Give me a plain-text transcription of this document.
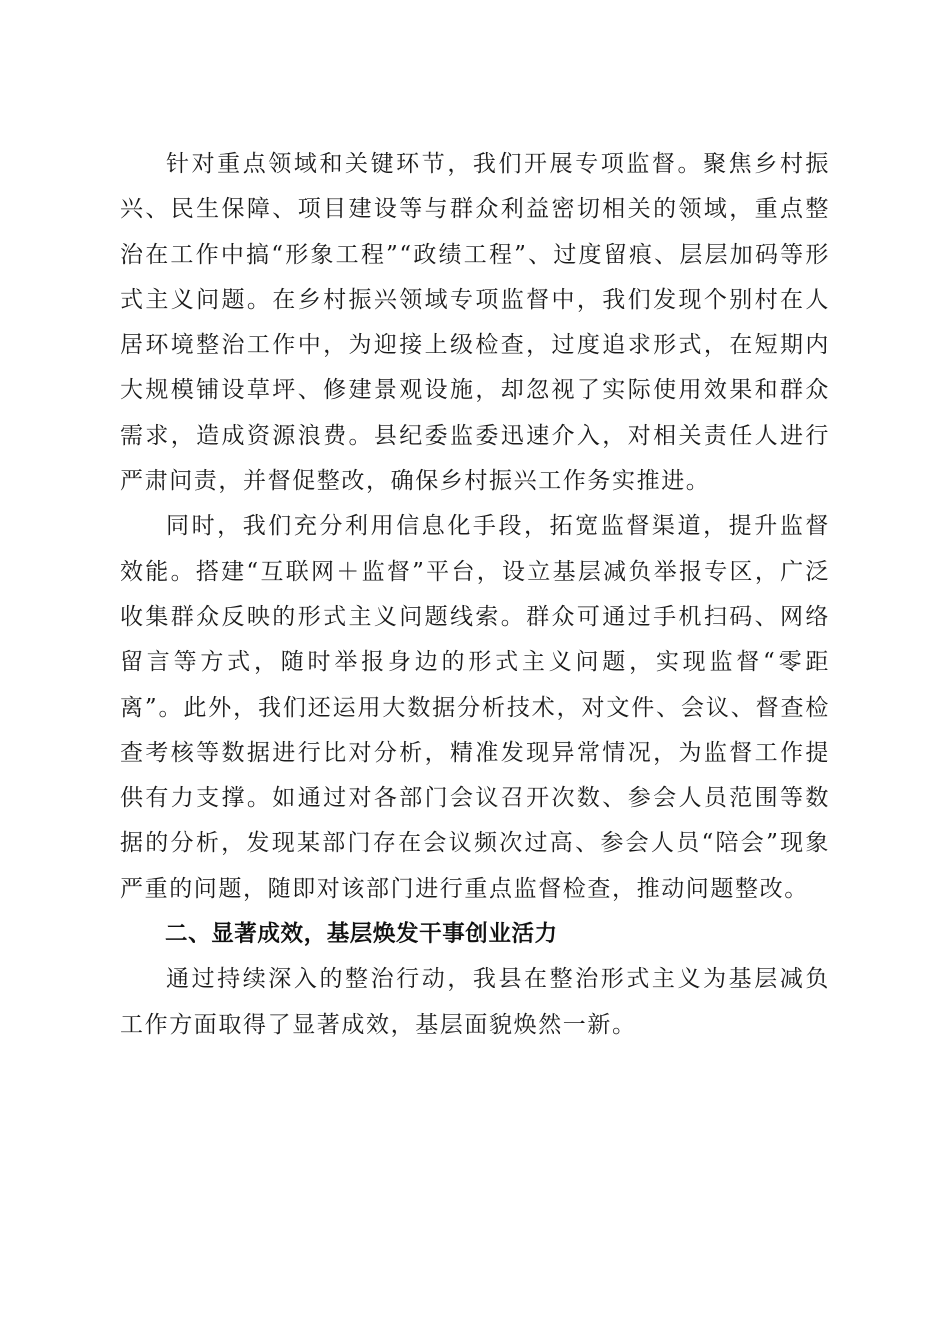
针对重点领域和关键环节，我们开展专项监督。聚焦乡村振兴、民生保障、项目建设等与群众利益密切相关的领域，重点整治在工作中搞“形象工程”“政绩工程”、过度留痕、层层加码等形式主义问题。在乡村振兴领域专项监督中，我们发现个别村在人居环境整治工作中，为迎接上级检查，过度追求形式，在短期内大规模铺设草坪、修建景观设施，却忽视了实际使用效果和群众需求，造成资源浪费。县纪委监委迅速介入，对相关责任人进行严肃问责，并督促整改，确保乡村振兴工作务实推进。

同时，我们充分利用信息化手段，拓宽监督渠道，提升监督效能。搭建“互联网＋监督”平台，设立基层减负举报专区，广泛收集群众反映的形式主义问题线索。群众可通过手机扫码、网络留言等方式，随时举报身边的形式主义问题，实现监督“零距离”。此外，我们还运用大数据分析技术，对文件、会议、督查检查考核等数据进行比对分析，精准发现异常情况，为监督工作提供有力支撑。如通过对各部门会议召开次数、参会人员范围等数据的分析，发现某部门存在会议频次过高、参会人员“陪会”现象严重的问题，随即对该部门进行重点监督检查，推动问题整改。

二、显著成效，基层焕发干事创业活力

通过持续深入的整治行动，我县在整治形式主义为基层减负工作方面取得了显著成效，基层面貌焕然一新。
